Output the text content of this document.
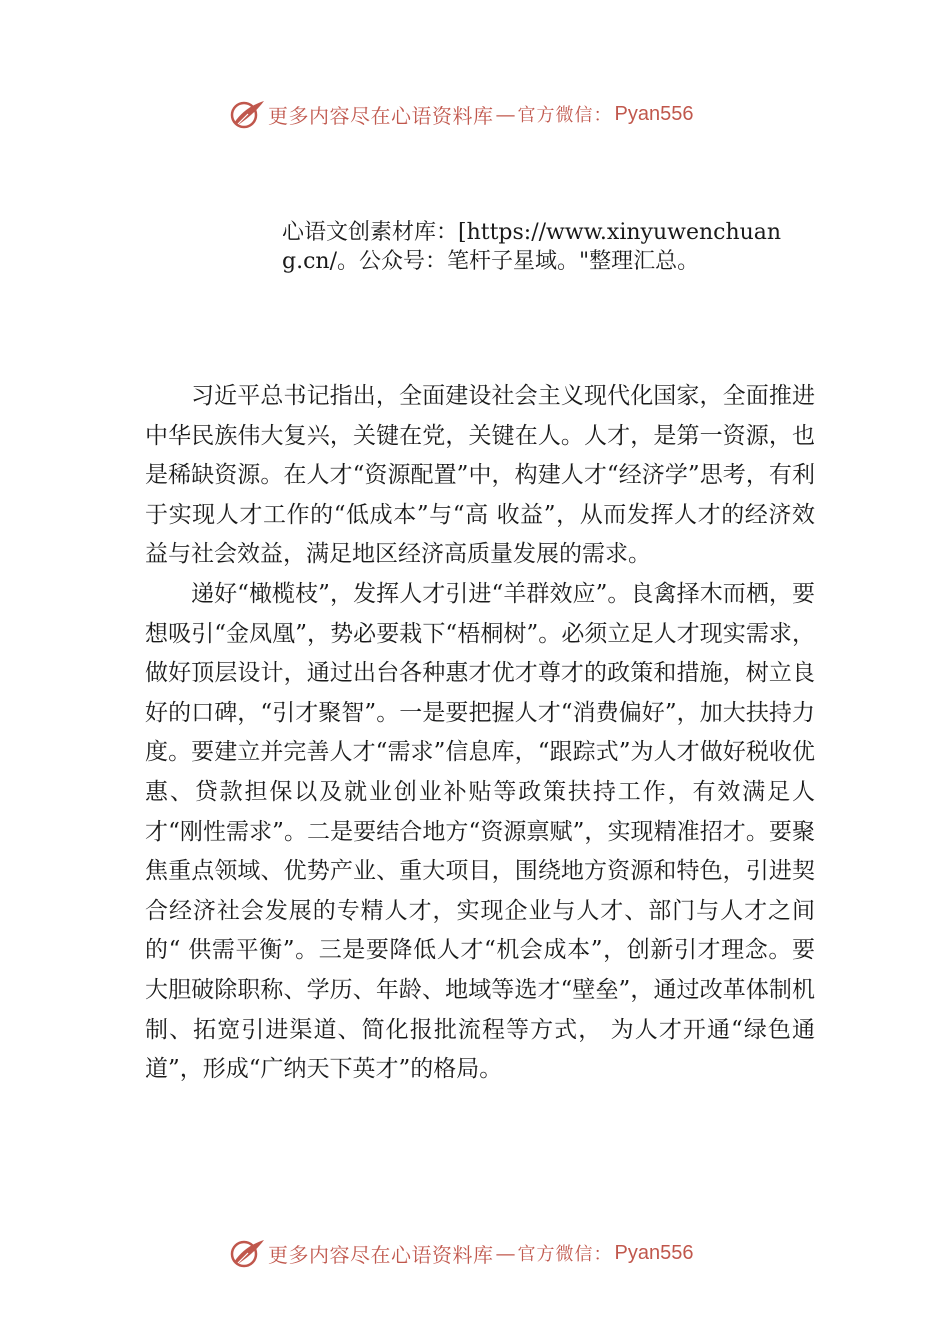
更多内容尽在心语资料库 — 官方微信： Pyan556
心语文创素材库：[https://www.xinyuwenchuang.cn/。公众号：笔杆子星域。"整理汇总。

习近平总书记指出，全面建设社会主义现代化国家，全面推进中华民族伟大复兴，关键在党，关键在人。人才，是第一资源，也是稀缺资源。在人才“资源配置”中，构建人才“经济学”思考，有利于实现人才工作的“低成本”与“高 收益”，从而发挥人才的经济效益与社会效益，满足地区经济高质量发展的需求。

递好“橄榄枝”，发挥人才引进“羊群效应”。良禽择木而栖，要想吸引“金凤凰”，势必要栽下“梧桐树”。必须立足人才现实需求，做好顶层设计，通过出台各种惠才优才尊才的政策和措施，树立良好的口碑，“引才聚智”。一是要把握人才“消费偏好”，加大扶持力度。要建立并完善人才“需求”信息库，“跟踪式”为人才做好税收优惠、贷款担保以及就业创业补贴等政策扶持工作，有效满足人才“刚性需求”。二是要结合地方“资源禀赋”，实现精准招才。要聚焦重点领域、优势产业、重大项目，围绕地方资源和特色，引进契合经济社会发展的专精人才，实现企业与人才、部门与人才之间的“ 供需平衡”。三是要降低人才“机会成本”，创新引才理念。要大胆破除职称、学历、年龄、地域等选才“壁垒”，通过改革体制机制、拓宽引进渠道、简化报批流程等方式， 为人才开通“绿色通道”，形成“广纳天下英才”的格局。

更多内容尽在心语资料库 — 官方微信： Pyan556
